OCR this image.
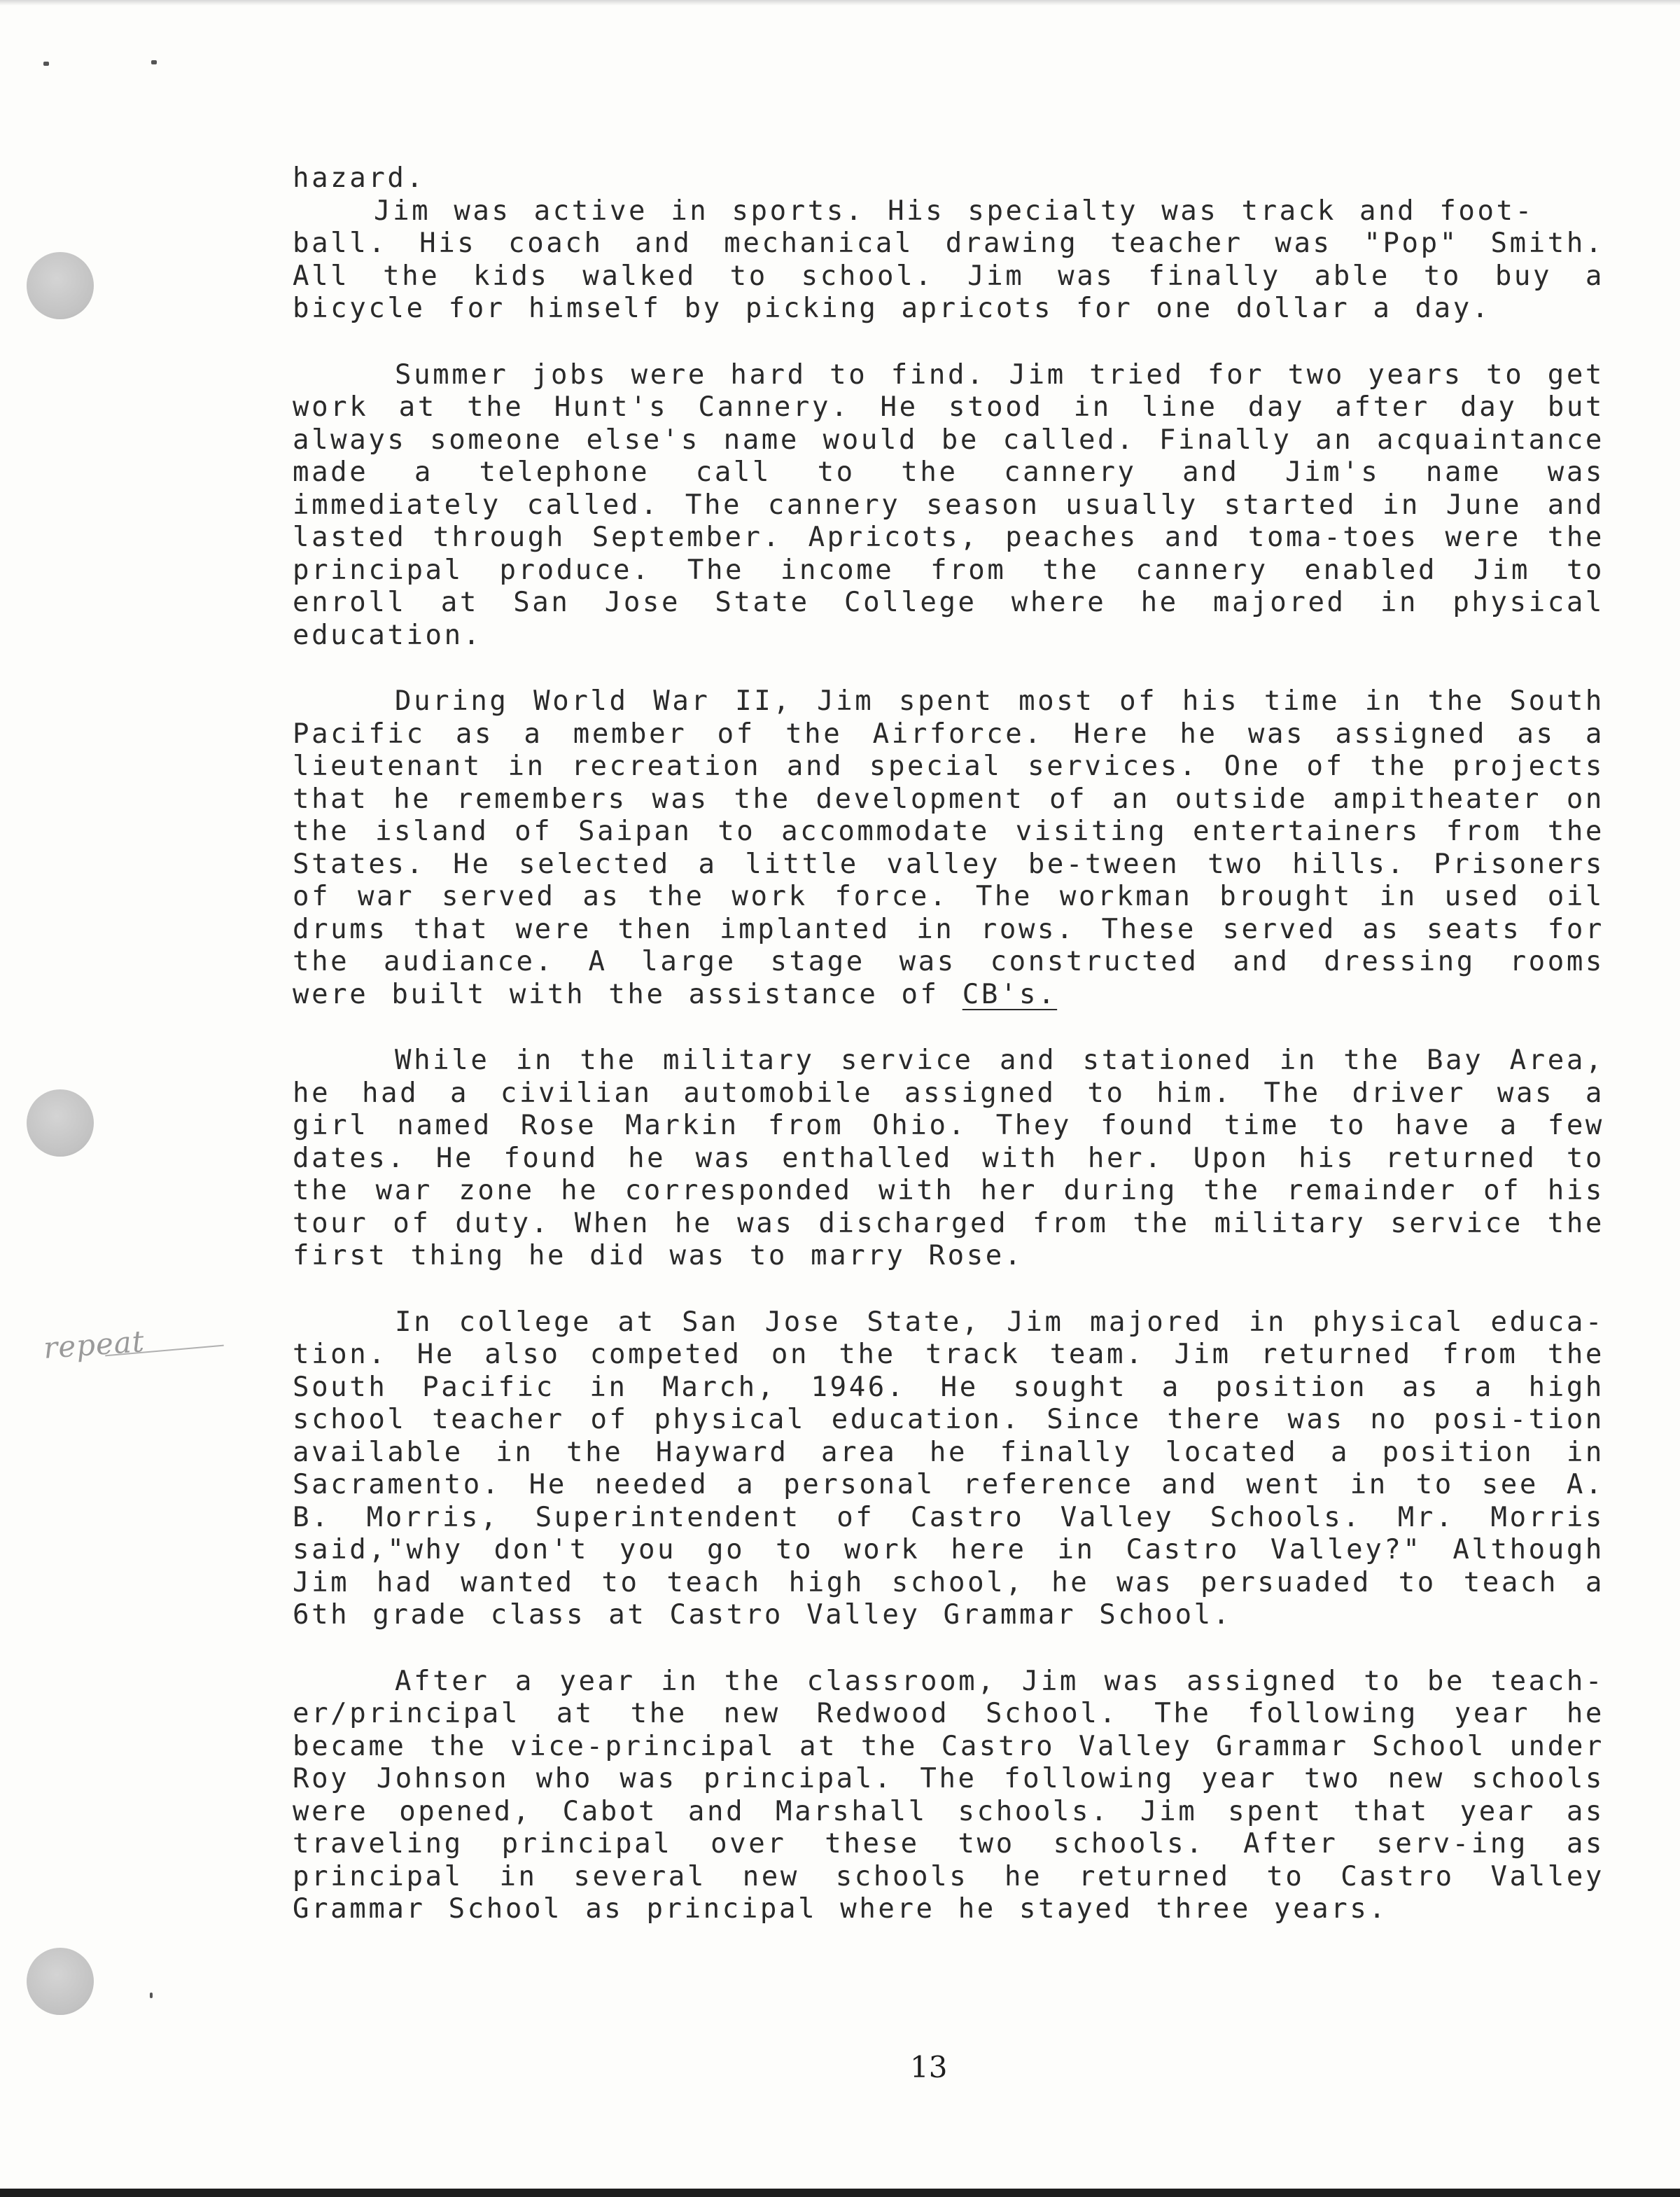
hazard.
Jim was active in sports. His specialty was track and foot-
ball. His coach and mechanical drawing teacher was "Pop" Smith. All the kids walked to school. Jim was finally able to buy a bicycle for himself by picking apricots for one dollar a day.

Summer jobs were hard to find. Jim tried for two years to get work at the Hunt's Cannery. He stood in line day after day but always someone else's name would be called. Finally an acquaintance made a telephone call to the cannery and Jim's name was immediately called. The cannery season usually started in June and lasted through September. Apricots, peaches and toma-toes were the principal produce. The income from the cannery enabled Jim to enroll at San Jose State College where he majored in physical education.

During World War II, Jim spent most of his time in the South Pacific as a member of the Airforce. Here he was assigned as a lieutenant in recreation and special services. One of the projects that he remembers was the development of an outside ampitheater on the island of Saipan to accommodate visiting entertainers from the States. He selected a little valley be-tween two hills. Prisoners of war served as the work force. The workman brought in used oil drums that were then implanted in rows. These served as seats for the audiance. A large stage was constructed and dressing rooms were built with the assistance of CB's.

While in the military service and stationed in the Bay Area, he had a civilian automobile assigned to him. The driver was a girl named Rose Markin from Ohio. They found time to have a few dates. He found he was enthalled with her. Upon his returned to the war zone he corresponded with her during the remainder of his tour of duty. When he was discharged from the military service the first thing he did was to marry Rose.

In college at San Jose State, Jim majored in physical educa-tion. He also competed on the track team. Jim returned from the South Pacific in March, 1946. He sought a position as a high school teacher of physical education. Since there was no posi-tion available in the Hayward area he finally located a position in Sacramento. He needed a personal reference and went in to see A. B. Morris, Superintendent of Castro Valley Schools. Mr. Morris said,"why don't you go to work here in Castro Valley?" Although Jim had wanted to teach high school, he was persuaded to teach a 6th grade class at Castro Valley Grammar School.

After a year in the classroom, Jim was assigned to be teach-er/principal at the new Redwood School. The following year he became the vice-principal at the Castro Valley Grammar School under Roy Johnson who was principal. The following year two new schools were opened, Cabot and Marshall schools. Jim spent that year as traveling principal over these two schools. After serv-ing as principal in several new schools he returned to Castro Valley Grammar School as principal where he stayed three years.

repeat
13
